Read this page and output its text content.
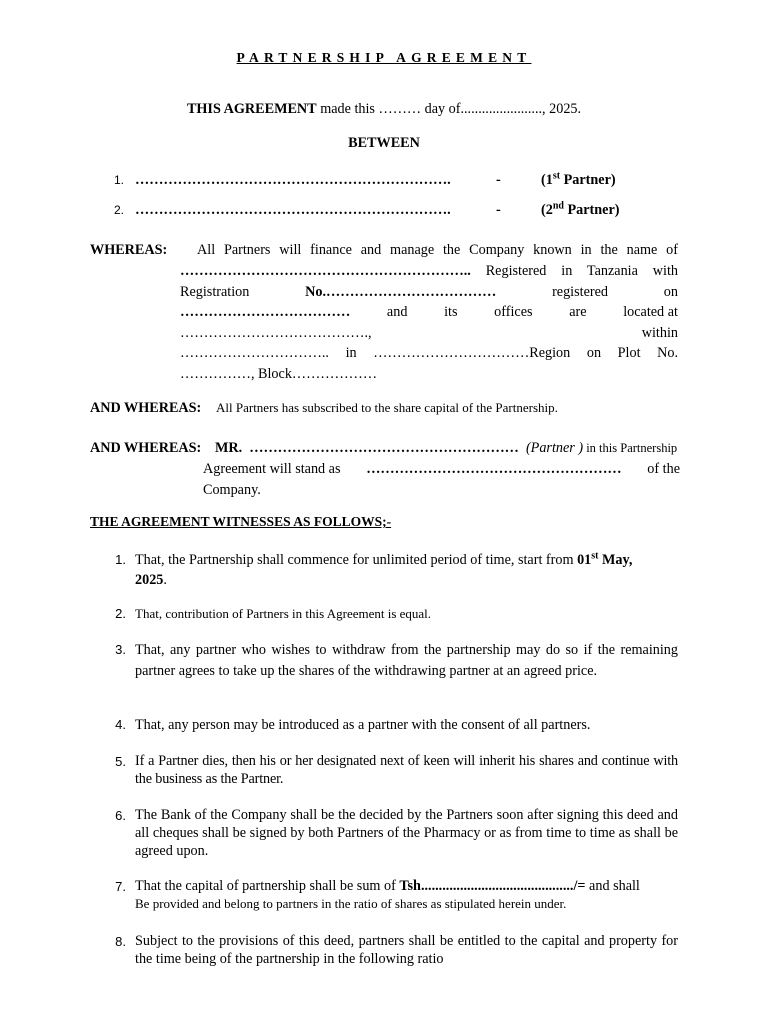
PARTNERSHIP AGREEMENT
THIS AGREEMENT made this ……… day of......................., 2025.
BETWEEN
1. ………………………………………………………….	-	(1st Partner)
2. ………………………………………………………….	-	(2nd Partner)
WHEREAS: All Partners will finance and manage the Company known in the name of
…………………………………………………….. Registered in Tanzania with
Registration	No.………………………………	registered	on
………………………………	and	its	offices	are	located at
………………………………….,	within
………………………….. in ……………………………Region on Plot No.
……………, Block………………
AND WHEREAS: All Partners has subscribed to the share capital of the Partnership.
AND WHEREAS: MR. ………………………………………………… (Partner ) in this Partnership
Agreement will stand as ……………………………………………… of the
Company.
THE AGREEMENT WITNESSES AS FOLLOWS;-
1. That, the Partnership shall commence for unlimited period of time, start from 01st May,
2025.
2. That, contribution of Partners in this Agreement is equal.
3. That, any partner who wishes to withdraw from the partnership may do so if the remaining partner agrees to take up the shares of the withdrawing partner at an agreed price.
4. That, any person may be introduced as a partner with the consent of all partners.
5. If a Partner dies, then his or her designated next of keen will inherit his shares and continue with the business as the Partner.
6. The Bank of the Company shall be the decided by the Partners soon after signing this deed and all cheques shall be signed by both Partners of the Pharmacy or as from time to time as shall be agreed upon.
7. That the capital of partnership shall be sum of Tsh.........................................../= and shall
Be provided and belong to partners in the ratio of shares as stipulated herein under.
8. Subject to the provisions of this deed, partners shall be entitled to the capital and property for the time being of the partnership in the following ratio
